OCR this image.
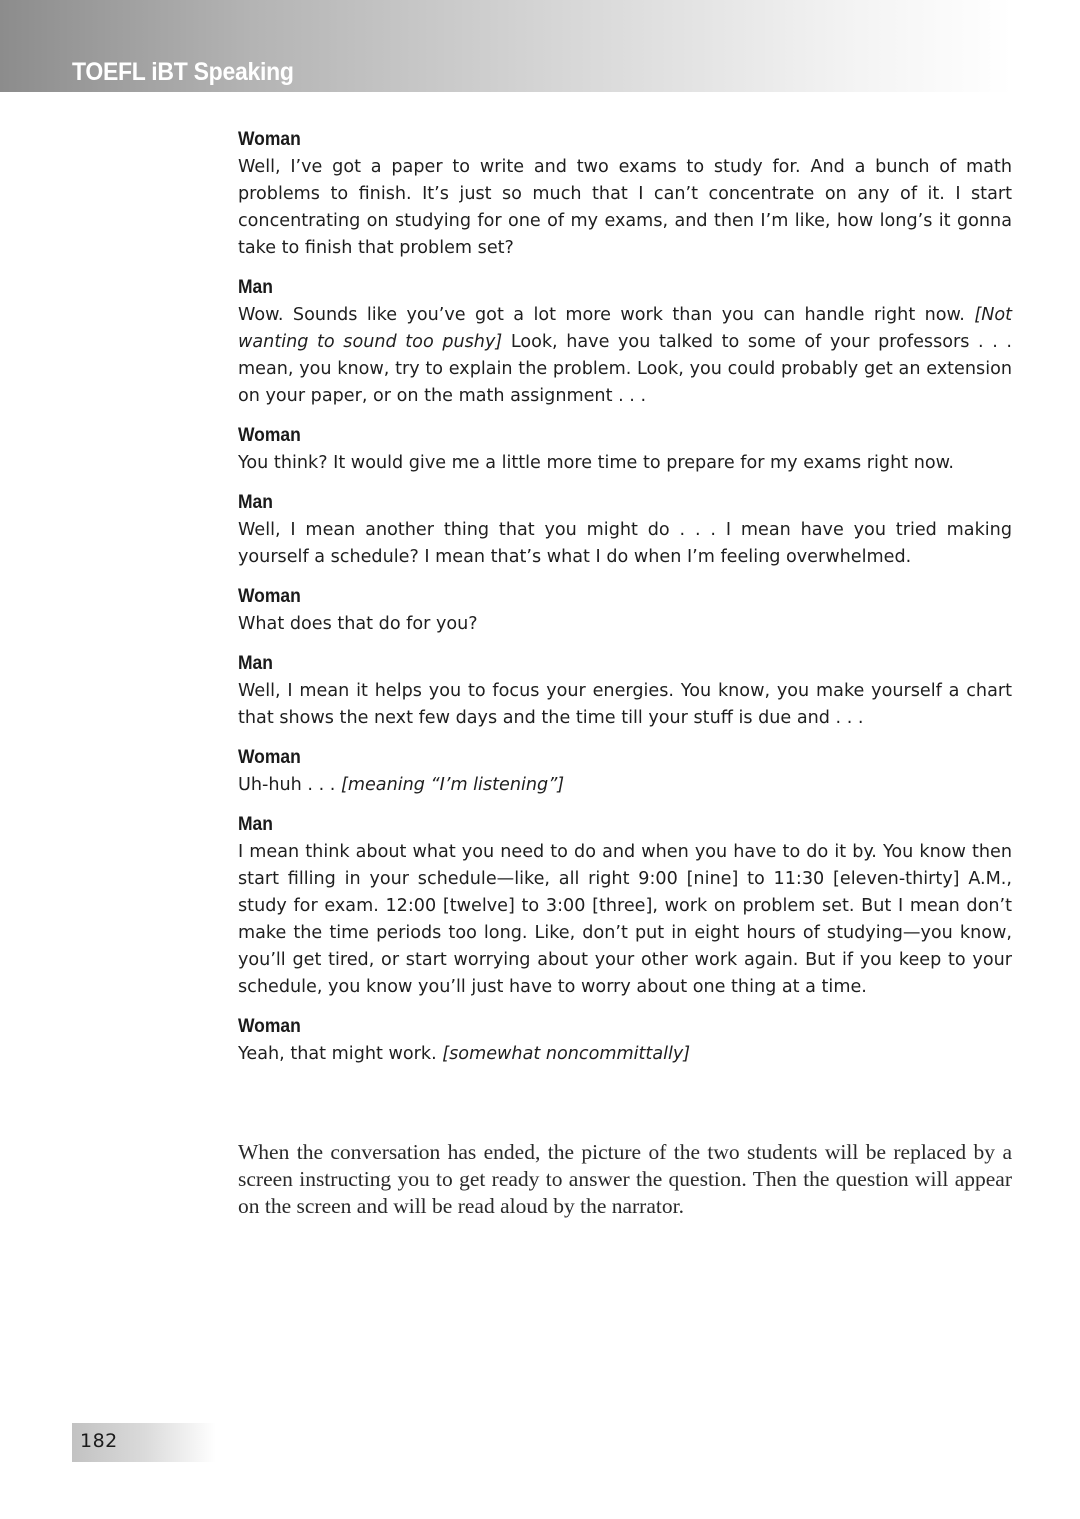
TOEFL iBT Speaking
Woman
Well, I’ve got a paper to write and two exams to study for. And a bunch of math problems to finish. It’s just so much that I can’t concentrate on any of it. I start concentrating on studying for one of my exams, and then I’m like, how long’s it gonna take to finish that problem set?
Man
Wow. Sounds like you’ve got a lot more work than you can handle right now. [Not wanting to sound too pushy] Look, have you talked to some of your professors . . . mean, you know, try to explain the problem. Look, you could probably get an extension on your paper, or on the math assignment . . .
Woman
You think? It would give me a little more time to prepare for my exams right now.
Man
Well, I mean another thing that you might do . . . I mean have you tried making yourself a schedule? I mean that’s what I do when I’m feeling overwhelmed.
Woman
What does that do for you?
Man
Well, I mean it helps you to focus your energies. You know, you make yourself a chart that shows the next few days and the time till your stuff is due and . . .
Woman
Uh-huh . . . [meaning “I’m listening”]
Man
I mean think about what you need to do and when you have to do it by. You know then start filling in your schedule—like, all right 9:00 [nine] to 11:30 [eleven-thirty] A.M., study for exam. 12:00 [twelve] to 3:00 [three], work on problem set. But I mean don’t make the time periods too long. Like, don’t put in eight hours of studying—you know, you’ll get tired, or start worrying about your other work again. But if you keep to your schedule, you know you’ll just have to worry about one thing at a time.
Woman
Yeah, that might work. [somewhat noncommittally]
When the conversation has ended, the picture of the two students will be replaced by a screen instructing you to get ready to answer the question. Then the question will appear on the screen and will be read aloud by the narrator.
182
